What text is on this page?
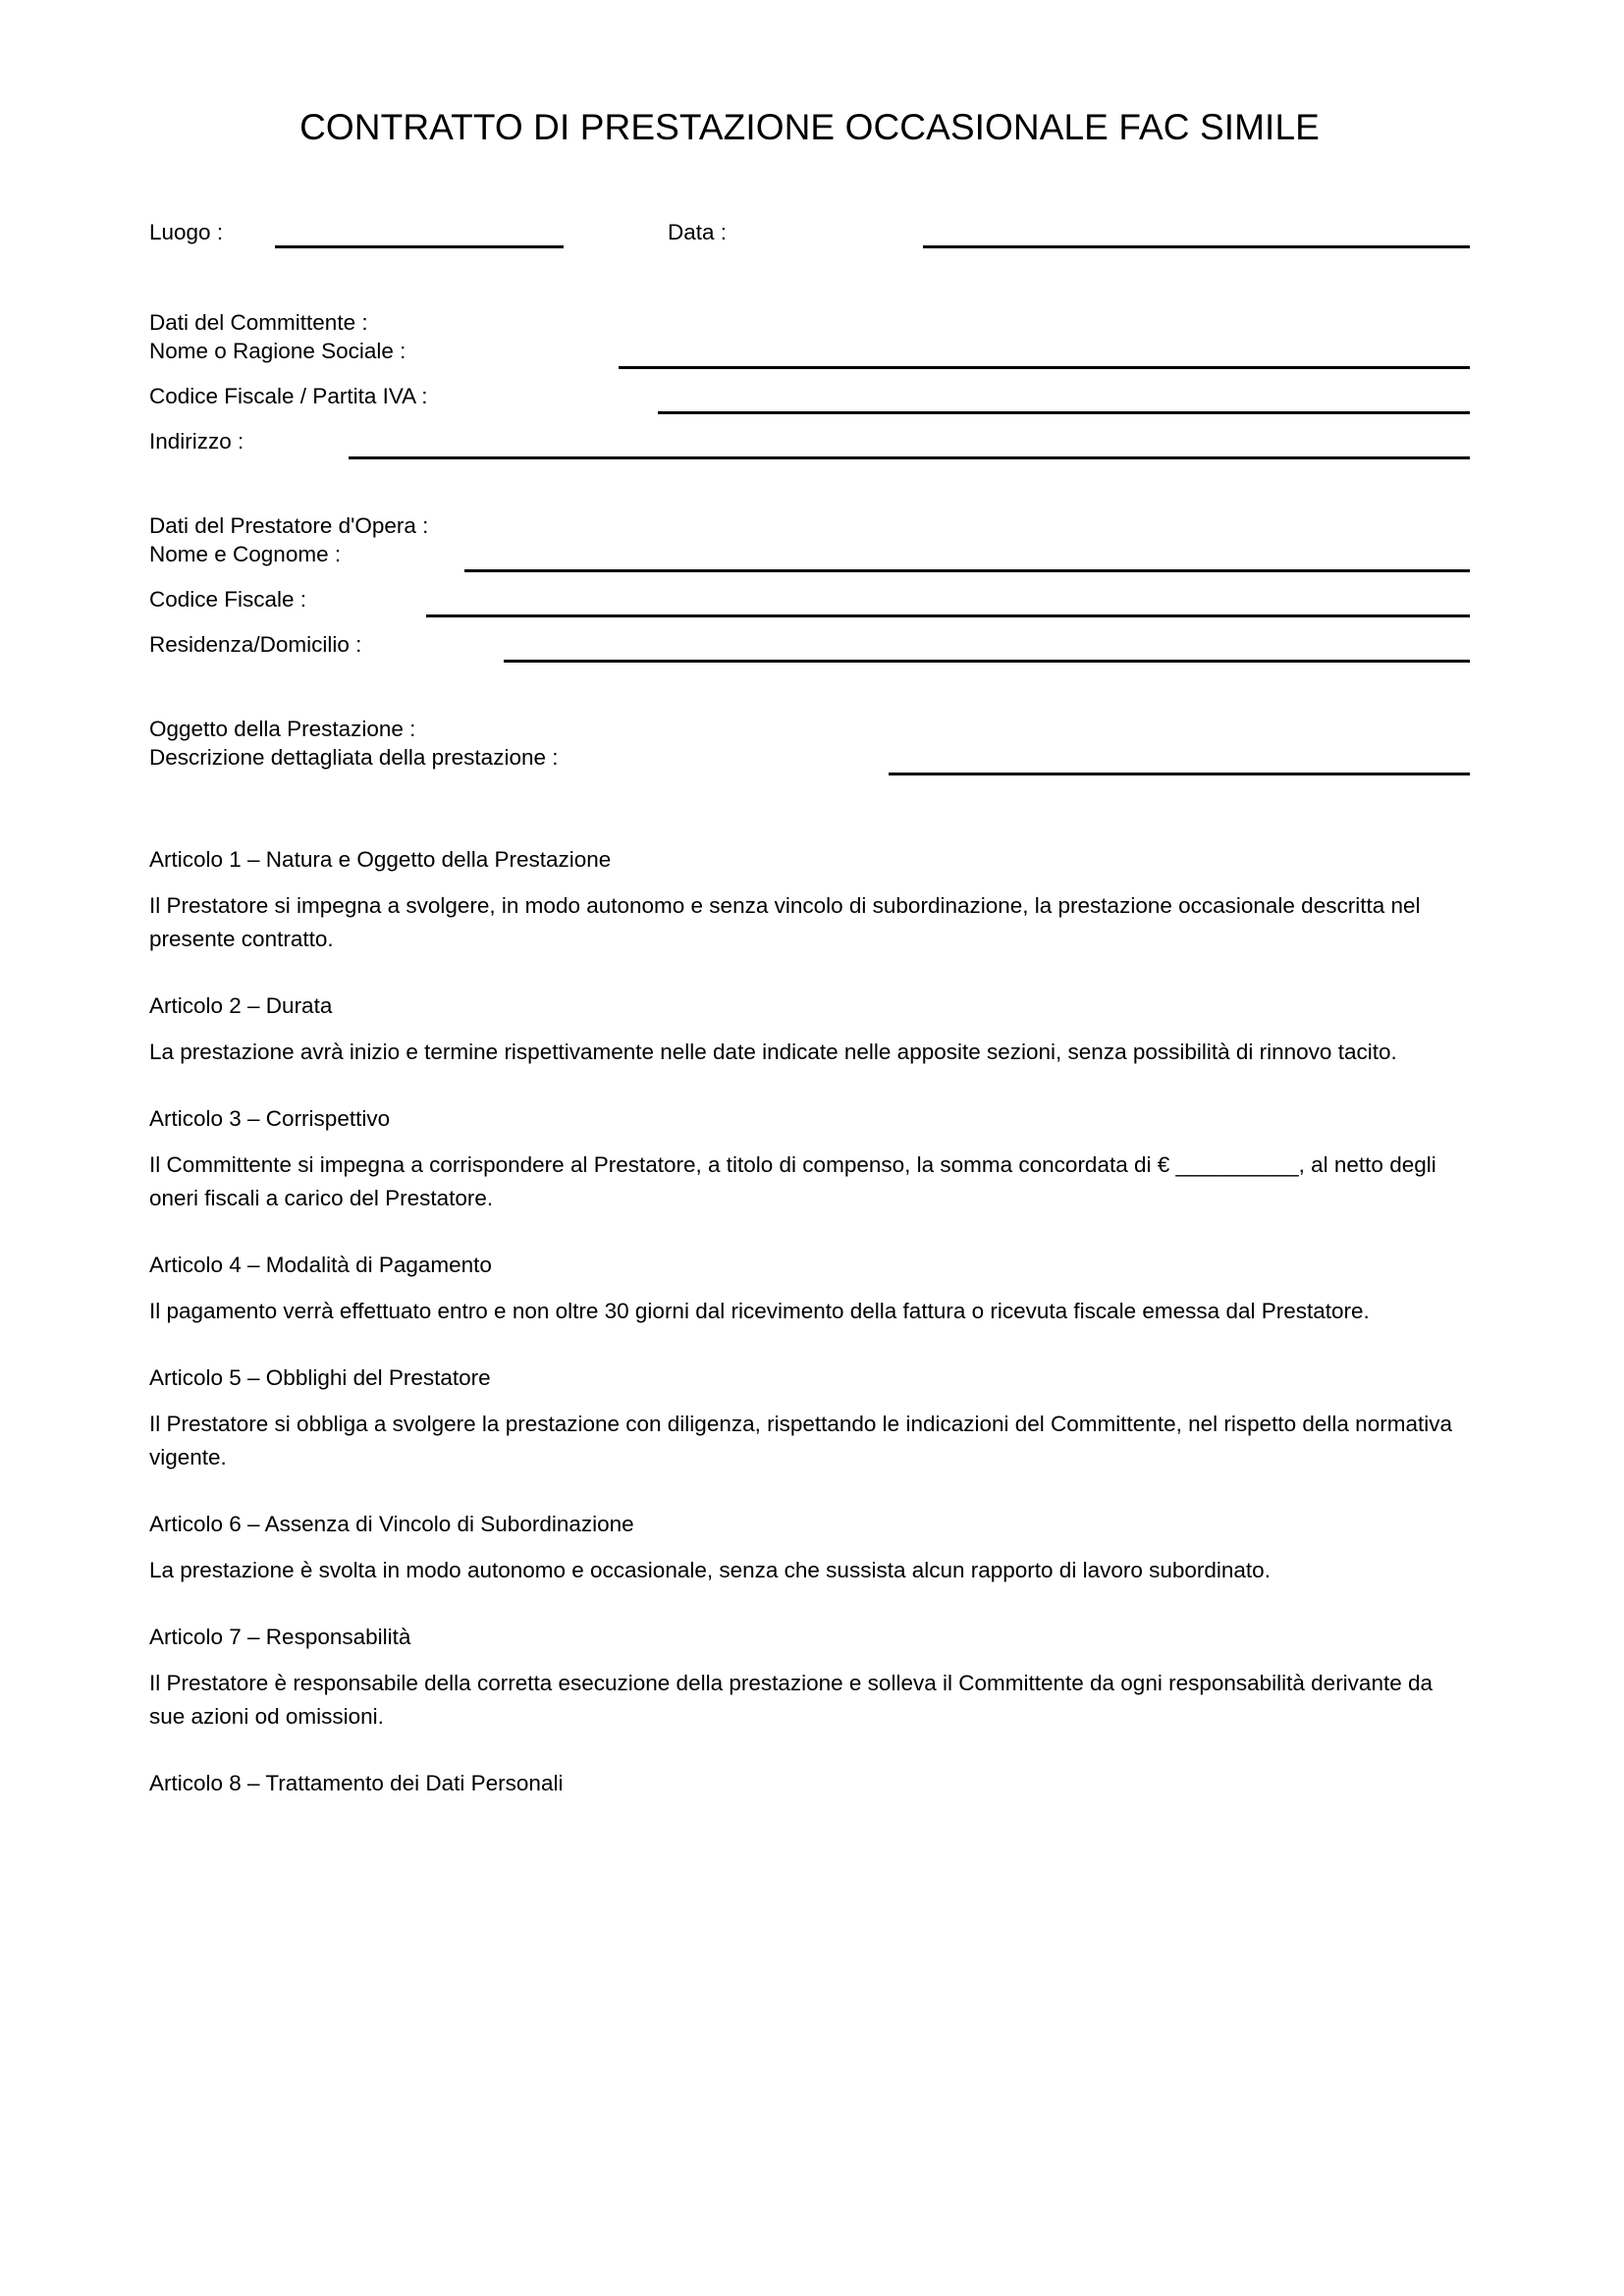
CONTRATTO DI PRESTAZIONE OCCASIONALE FAC SIMILE
Luogo :	Data :

Dati del Committente :

Nome o Ragione Sociale :
Codice Fiscale / Partita IVA :
Indirizzo :

Dati del Prestatore d'Opera :

Nome e Cognome :
Codice Fiscale :
Residenza/Domicilio :

Oggetto della Prestazione :

Descrizione dettagliata della prestazione :

Articolo 1 – Natura e Oggetto della Prestazione

Il Prestatore si impegna a svolgere, in modo autonomo e senza vincolo di subordinazione, la prestazione occasionale descritta nel presente contratto.

Articolo 2 – Durata

La prestazione avrà inizio e termine rispettivamente nelle date indicate nelle apposite sezioni, senza possibilità di rinnovo tacito.

Articolo 3 – Corrispettivo

Il Committente si impegna a corrispondere al Prestatore, a titolo di compenso, la somma concordata di € __________, al netto degli oneri fiscali a carico del Prestatore.

Articolo 4 – Modalità di Pagamento

Il pagamento verrà effettuato entro e non oltre 30 giorni dal ricevimento della fattura o ricevuta fiscale emessa dal Prestatore.

Articolo 5 – Obblighi del Prestatore

Il Prestatore si obbliga a svolgere la prestazione con diligenza, rispettando le indicazioni del Committente, nel rispetto della normativa vigente.

Articolo 6 – Assenza di Vincolo di Subordinazione

La prestazione è svolta in modo autonomo e occasionale, senza che sussista alcun rapporto di lavoro subordinato.

Articolo 7 – Responsabilità

Il Prestatore è responsabile della corretta esecuzione della prestazione e solleva il Committente da ogni responsabilità derivante da sue azioni od omissioni.

Articolo 8 – Trattamento dei Dati Personali
